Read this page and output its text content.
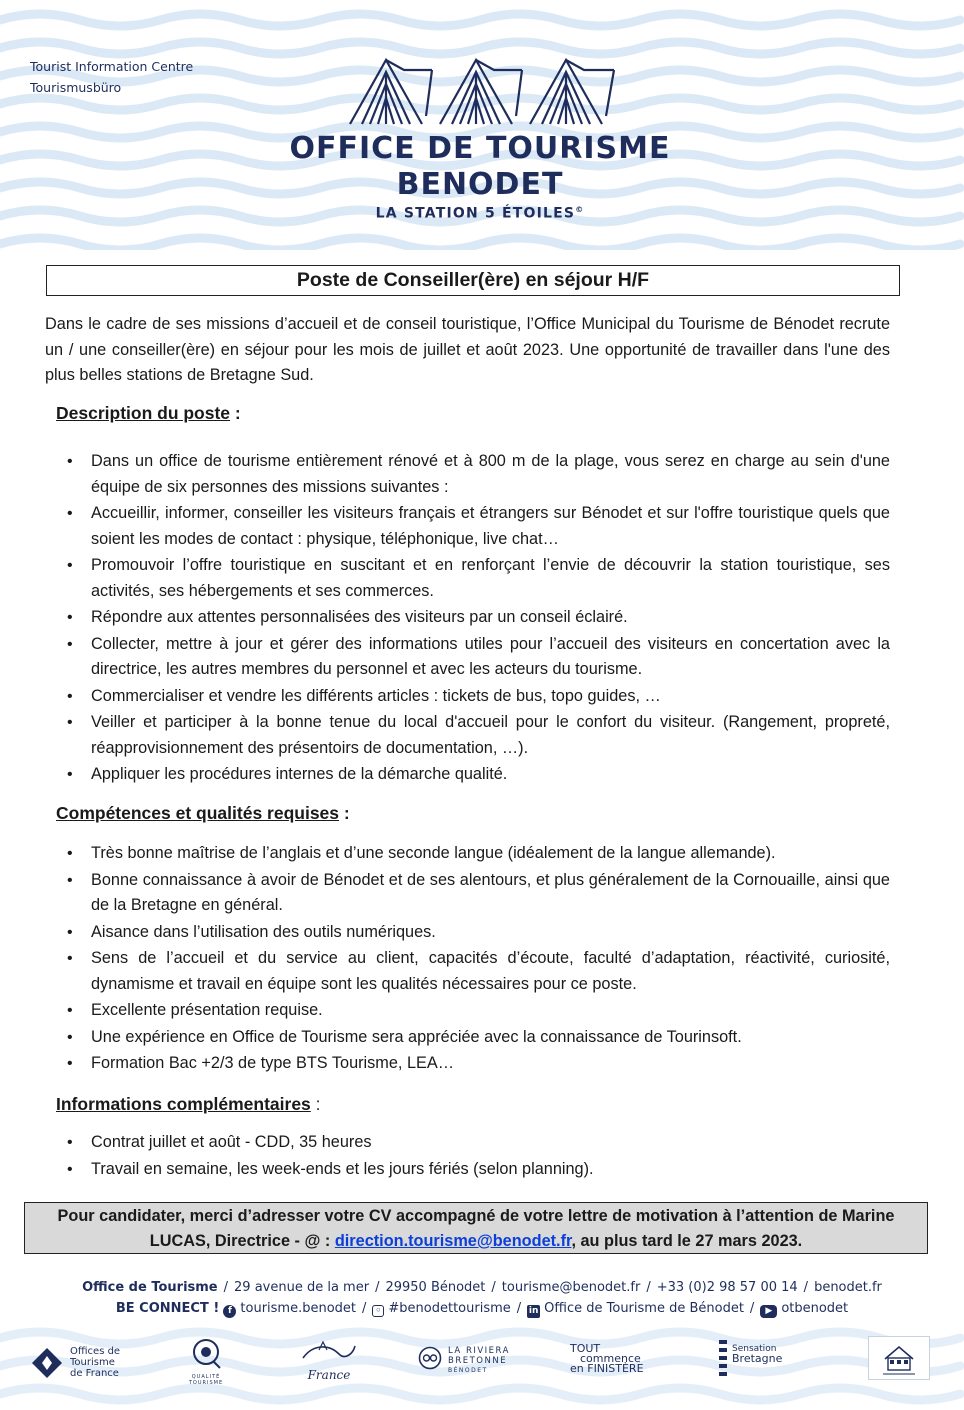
Tourist Information Centre
Tourismusbüro
OFFICE DE TOURISME
BENODET
LA STATION 5 ÉTOILES©
Poste de Conseiller(ère) en séjour H/F

Dans le cadre de ses missions d’accueil et de conseil touristique, l’Office Municipal du Tourisme de Bénodet recrute un / une conseiller(ère) en séjour pour les mois de juillet et août 2023. Une opportunité de travailler dans l'une des plus belles stations de Bretagne Sud.

Description du poste :
• Dans un office de tourisme entièrement rénové et à 800 m de la plage, vous serez en charge au sein d'une équipe de six personnes des missions suivantes :
• Accueillir, informer, conseiller les visiteurs français et étrangers sur Bénodet et sur l'offre touristique quels que soient les modes de contact : physique, téléphonique, live chat…
• Promouvoir l’offre touristique en suscitant et en renforçant l’envie de découvrir la station touristique, ses activités, ses hébergements et ses commerces.
• Répondre aux attentes personnalisées des visiteurs par un conseil éclairé.
• Collecter, mettre à jour et gérer des informations utiles pour l’accueil des visiteurs en concertation avec la directrice, les autres membres du personnel et avec les acteurs du tourisme.
• Commercialiser et vendre les différents articles : tickets de bus, topo guides, …
• Veiller et participer à la bonne tenue du local d'accueil pour le confort du visiteur. (Rangement, propreté, réapprovisionnement des présentoirs de documentation, …).
• Appliquer les procédures internes de la démarche qualité.
Compétences et qualités requises :
• Très bonne maîtrise de l’anglais et d’une seconde langue (idéalement de la langue allemande).
• Bonne connaissance à avoir de Bénodet et de ses alentours, et plus généralement de la Cornouaille, ainsi que de la Bretagne en général.
• Aisance dans l’utilisation des outils numériques.
• Sens de l’accueil et du service au client, capacités d’écoute, faculté d’adaptation, réactivité, curiosité, dynamisme et travail en équipe sont les qualités nécessaires pour ce poste.
• Excellente présentation requise.
• Une expérience en Office de Tourisme sera appréciée avec la connaissance de Tourinsoft.
• Formation Bac +2/3 de type BTS Tourisme, LEA…
Informations complémentaires :
• Contrat juillet et août - CDD, 35 heures
• Travail en semaine, les week-ends et les jours fériés (selon planning).
Pour candidater, merci d’adresser votre CV accompagné de votre lettre de motivation à l’attention de Marine LUCAS, Directrice - @ : direction.tourisme@benodet.fr, au plus tard le 27 mars 2023.
Office de Tourisme / 29 avenue de la mer / 29950 Bénodet / tourisme@benodet.fr / +33 (0)2 98 57 00 14 / benodet.fr
BE CONNECT ! f tourisme.benodet / ◦ #benodettourisme / in Office de Tourisme de Bénodet / ▶ otbenodet
Offices de
Tourisme
de France	QUALITÉ TOURISME
France
LA RIVIERA
BRETONNE
BÉNODET
TOUT
commence
en FINISTÈRE
Sensation
Bretagne
